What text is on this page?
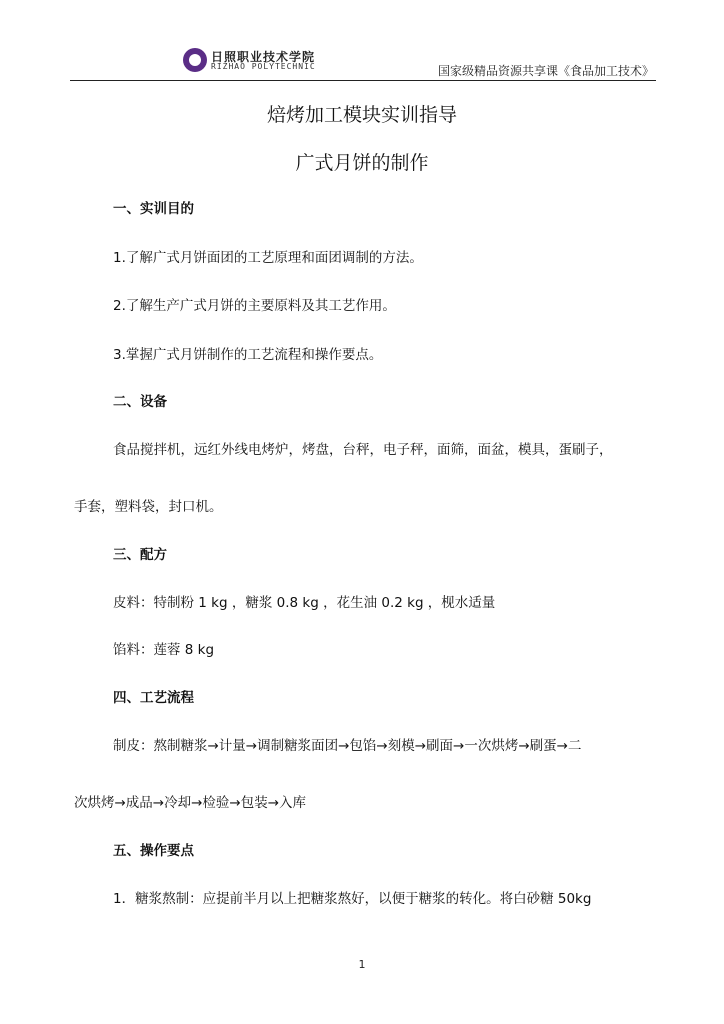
日照职业技术学院
RIZHAO POLYTECHNIC	国家级精品资源共享课《食品加工技术》
焙烤加工模块实训指导
广式月饼的制作
一、实训目的
1.了解广式月饼面团的工艺原理和面团调制的方法。
2.了解生产广式月饼的主要原料及其工艺作用。
3.掌握广式月饼制作的工艺流程和操作要点。
二、设备
食品搅拌机，远红外线电烤炉，烤盘，台秤，电子秤，面筛，面盆，模具，蛋刷子，
手套，塑料袋，封口机。
三、配方
皮料：特制粉 1 kg ，糖浆 0.8 kg ，花生油 0.2 kg ，枧水适量
馅料：莲蓉 8 kg
四、工艺流程
制皮：熬制糖浆→计量→调制糖浆面团→包馅→刻模→刷面→一次烘烤→刷蛋→二
次烘烤→成品→冷却→检验→包装→入库
五、操作要点
1．糖浆熬制：应提前半月以上把糖浆熬好，以便于糖浆的转化。将白砂糖 50kg
1
